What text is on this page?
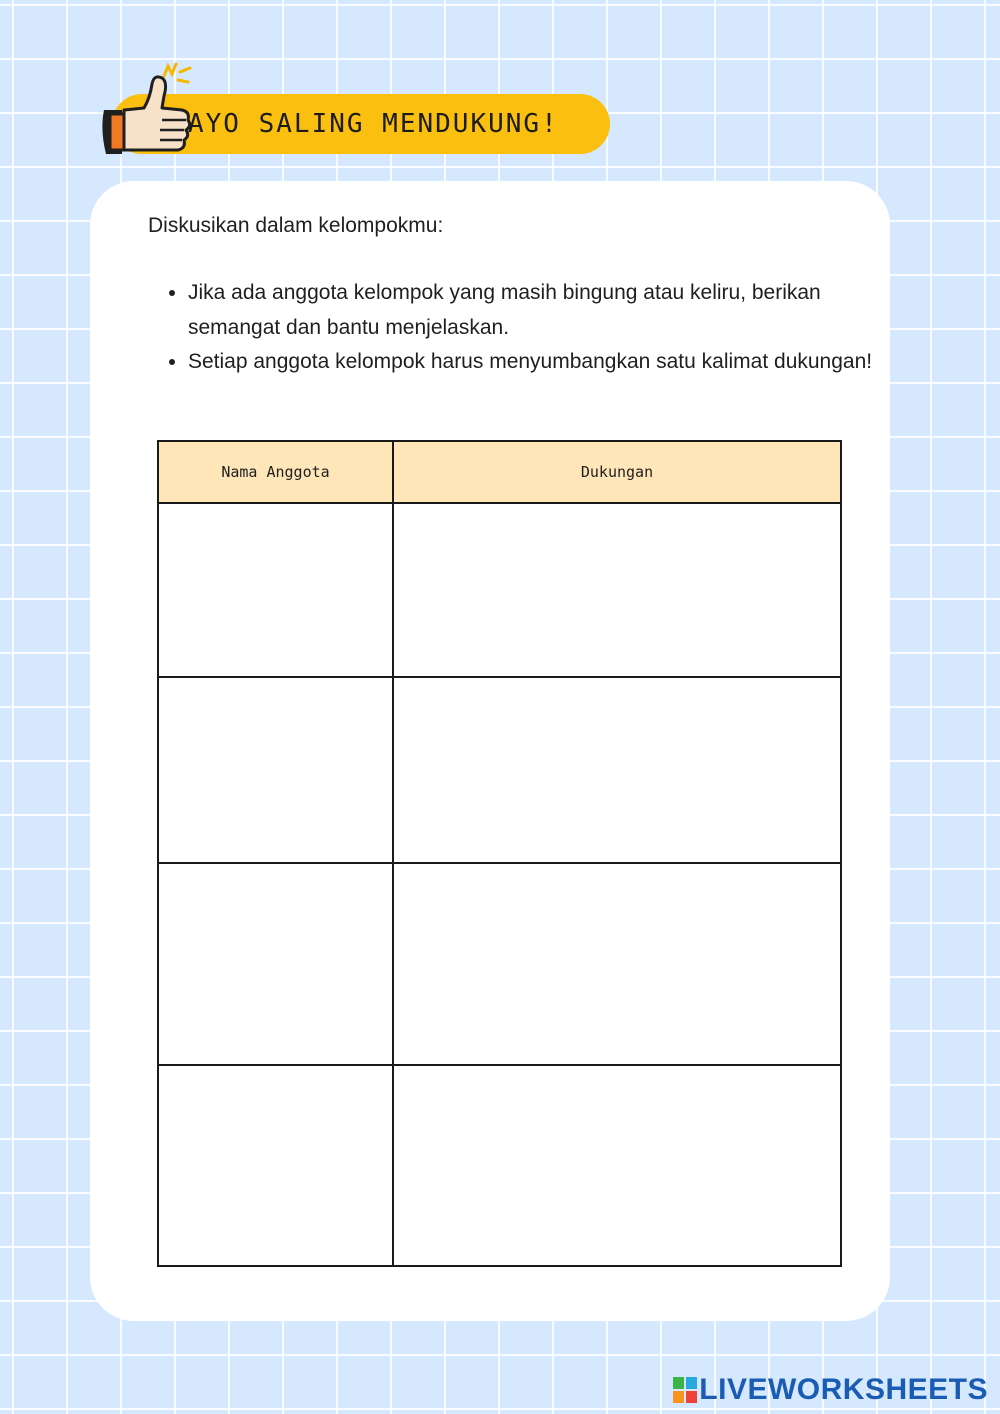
AYO SALING MENDUKUNG!
Diskusikan dalam kelompokmu:
• Jika ada anggota kelompok yang masih bingung atau keliru, berikan semangat dan bantu menjelaskan.
• Setiap anggota kelompok harus menyumbangkan satu kalimat dukungan!
Nama Anggota	Dukungan

LIVEWORKSHEETS
